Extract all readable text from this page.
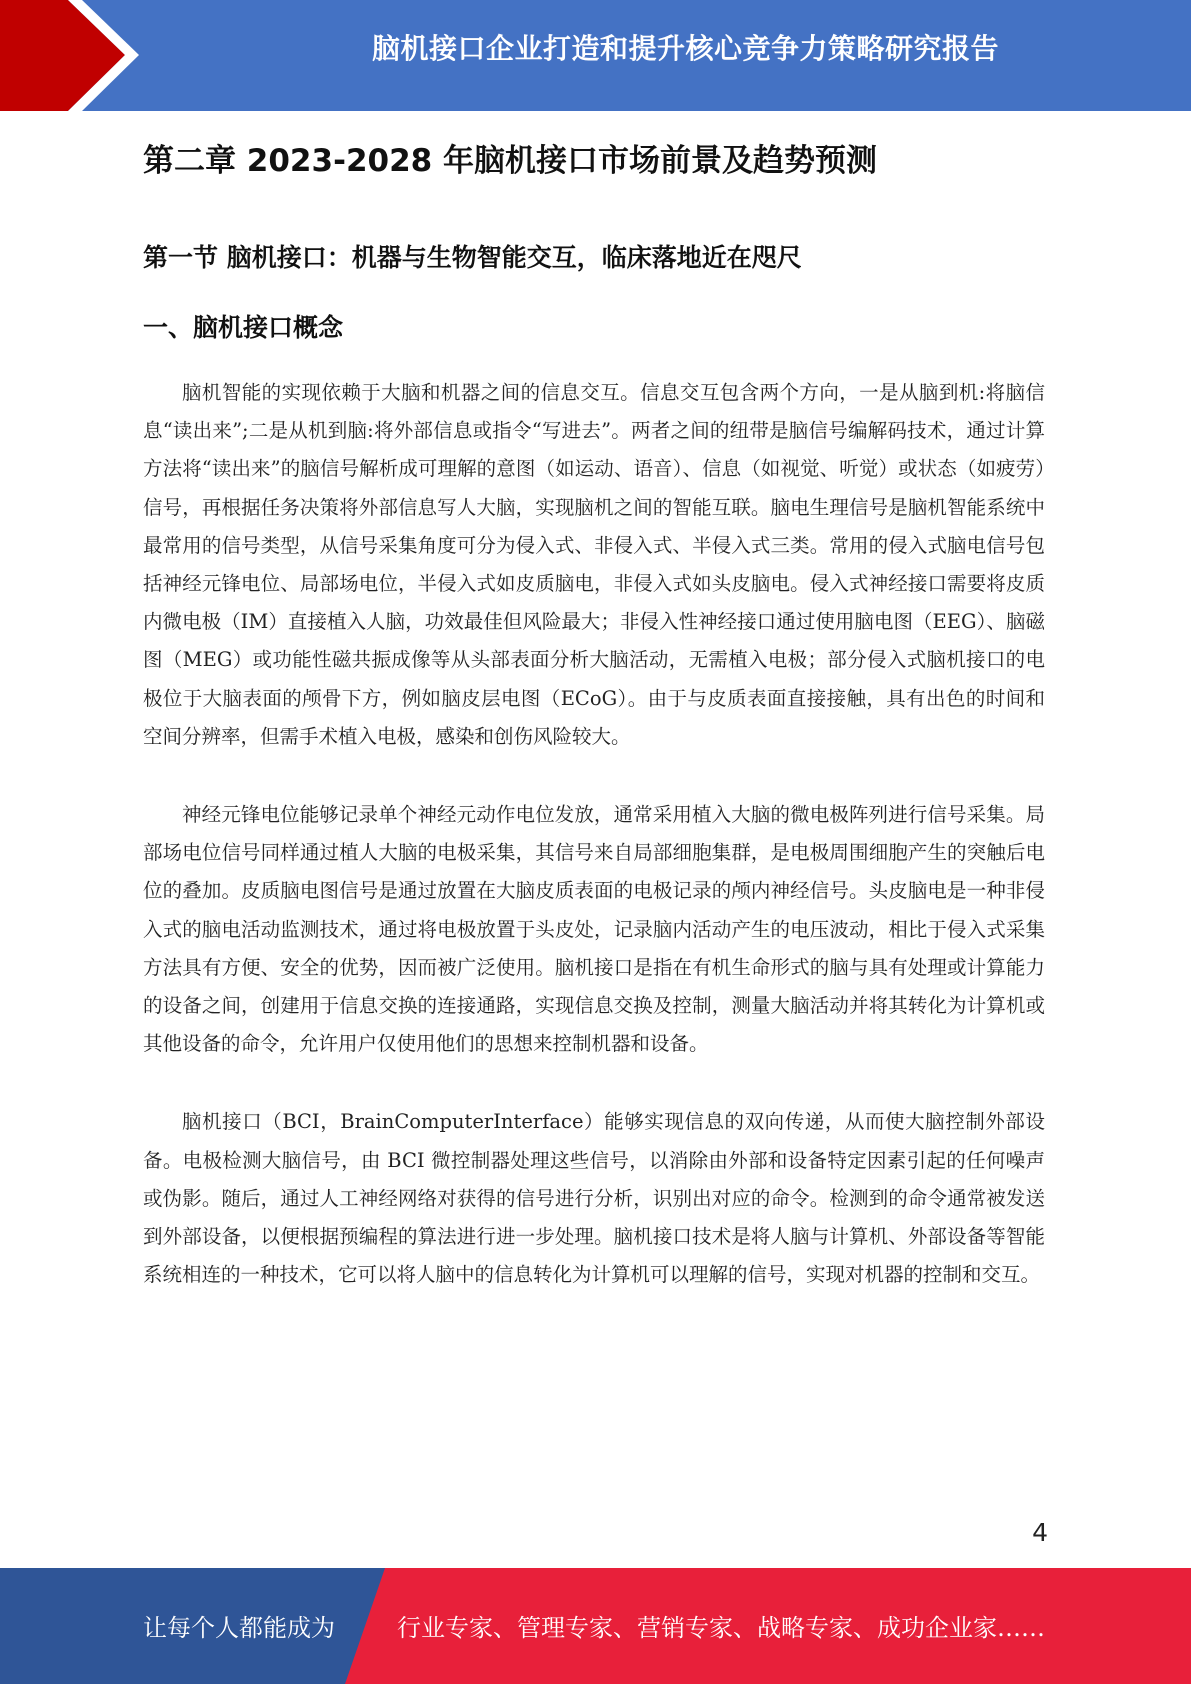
脑机接口企业打造和提升核心竞争力策略研究报告
第二章 2023-2028 年脑机接口市场前景及趋势预测
第一节 脑机接口：机器与生物智能交互，临床落地近在咫尺
一、脑机接口概念

脑机智能的实现依赖于大脑和机器之间的信息交互。信息交互包含两个方向，一是从脑到机:将脑信息“读出来”;二是从机到脑:将外部信息或指令“写进去”。两者之间的纽带是脑信号编解码技术，通过计算方法将“读出来”的脑信号解析成可理解的意图（如运动、语音）、信息（如视觉、听觉）或状态（如疲劳）信号，再根据任务决策将外部信息写人大脑，实现脑机之间的智能互联。脑电生理信号是脑机智能系统中最常用的信号类型，从信号采集角度可分为侵入式、非侵入式、半侵入式三类。常用的侵入式脑电信号包括神经元锋电位、局部场电位，半侵入式如皮质脑电，非侵入式如头皮脑电。侵入式神经接口需要将皮质内微电极（IM）直接植入人脑，功效最佳但风险最大；非侵入性神经接口通过使用脑电图（EEG）、脑磁图（MEG）或功能性磁共振成像等从头部表面分析大脑活动，无需植入电极；部分侵入式脑机接口的电极位于大脑表面的颅骨下方，例如脑皮层电图（ECoG）。由于与皮质表面直接接触，具有出色的时间和空间分辨率，但需手术植入电极，感染和创伤风险较大。

神经元锋电位能够记录单个神经元动作电位发放，通常采用植入大脑的微电极阵列进行信号采集。局部场电位信号同样通过植人大脑的电极采集，其信号来自局部细胞集群，是电极周围细胞产生的突触后电位的叠加。皮质脑电图信号是通过放置在大脑皮质表面的电极记录的颅内神经信号。头皮脑电是一种非侵入式的脑电活动监测技术，通过将电极放置于头皮处，记录脑内活动产生的电压波动，相比于侵入式采集方法具有方便、安全的优势，因而被广泛使用。脑机接口是指在有机生命形式的脑与具有处理或计算能力的设备之间，创建用于信息交换的连接通路，实现信息交换及控制，测量大脑活动并将其转化为计算机或其他设备的命令，允许用户仅使用他们的思想来控制机器和设备。

脑机接口（BCI，BrainComputerInterface）能够实现信息的双向传递，从而使大脑控制外部设备。电极检测大脑信号，由 BCI 微控制器处理这些信号，以消除由外部和设备特定因素引起的任何噪声或伪影。随后，通过人工神经网络对获得的信号进行分析，识别出对应的命令。检测到的命令通常被发送到外部设备，以便根据预编程的算法进行进一步处理。脑机接口技术是将人脑与计算机、外部设备等智能系统相连的一种技术，它可以将人脑中的信息转化为计算机可以理解的信号，实现对机器的控制和交互。

4
让每个人都能成为	行业专家、管理专家、营销专家、战略专家、成功企业家……
